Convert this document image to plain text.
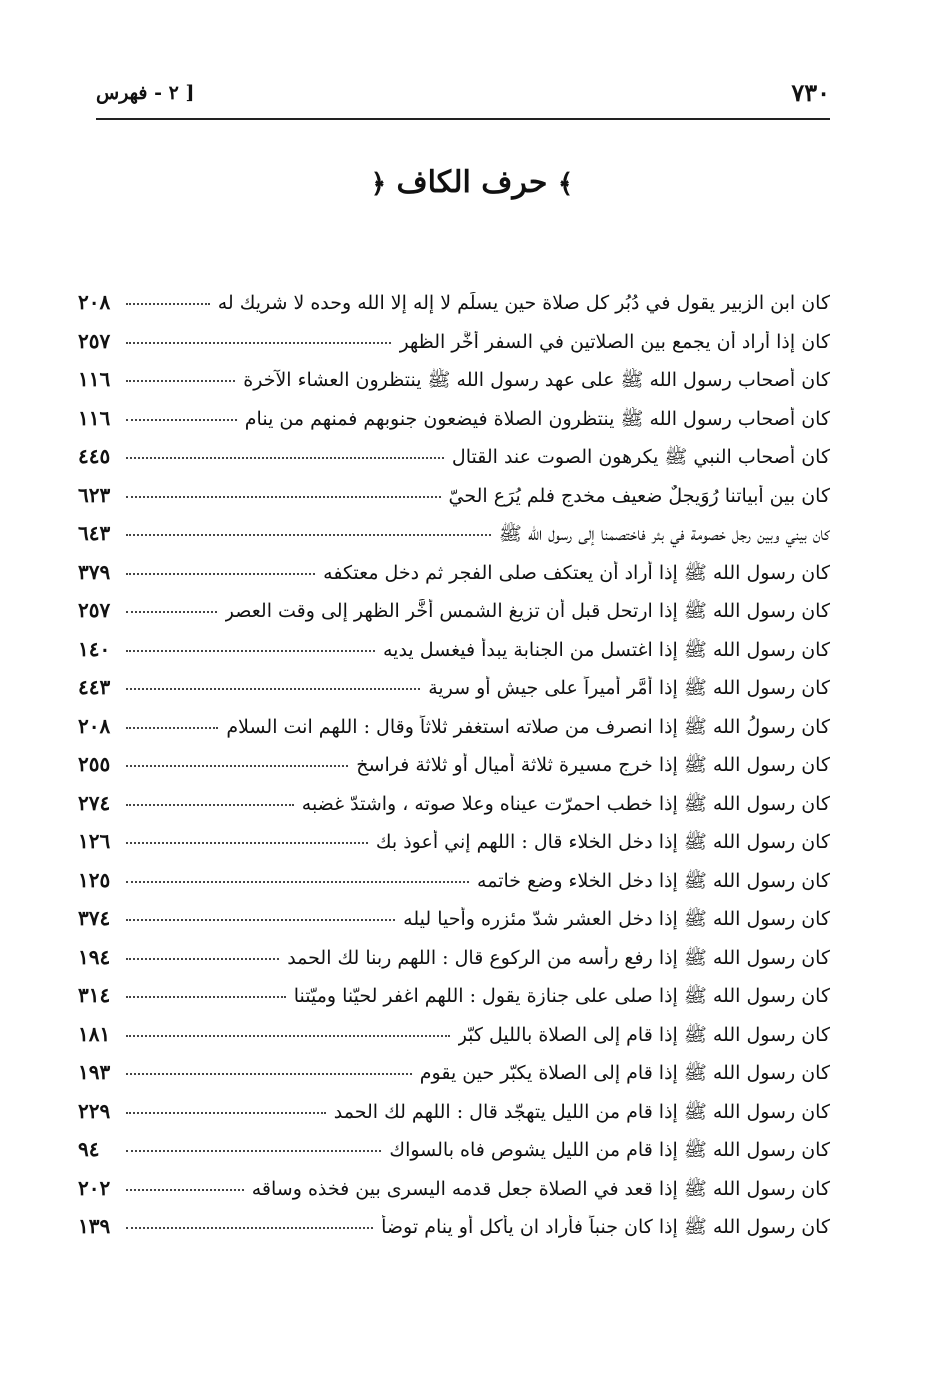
٧٣٠
[ ٢ - فهرس
﴾ حرف الكاف ﴿
كان ابن الزبير يقول في دُبُر كل صلاة حين يسلِّم لا إله إلا الله وحده لا شريك له
٢٠٨
كان إذا أراد أن يجمع بين الصلاتين في السفر أخَّر الظهر
٢٥٧
كان أصحاب رسول الله ﷺ على عهد رسول الله ﷺ ينتظرون العشاء الآخرة
١١٦
كان أصحاب رسول الله ﷺ ينتظرون الصلاة فيضعون جنوبهم فمنهم من ينام
١١٦
كان أصحاب النبي ﷺ يكرهون الصوت عند القتال
٤٤٥
كان بين أبياتنا رُوَيجلٌ ضعيف مخدج فلم يُرَع الحيّ
٦٢٣
كان بيني وبين رجل خصومة في بئر فاختصمنا إلى رسول الله ﷺ
٦٤٣
كان رسول الله ﷺ إذا أراد أن يعتكف صلى الفجر ثم دخل معتكفه
٣٧٩
كان رسول الله ﷺ إذا ارتحل قبل أن تزيغ الشمس أخَّر الظهر إلى وقت العصر
٢٥٧
كان رسول الله ﷺ إذا اغتسل من الجنابة يبدأ فيغسل يديه
١٤٠
كان رسول الله ﷺ إذا أمَّر أميراً على جيش أو سرية
٤٤٣
كان رسولُ الله ﷺ إذا انصرف من صلاته استغفر ثلاثاً وقال : اللهم انت السلام
٢٠٨
كان رسول الله ﷺ إذا خرج مسيرة ثلاثة أميال أو ثلاثة فراسخ
٢٥٥
كان رسول الله ﷺ إذا خطب احمرّت عيناه وعلا صوته ، واشتدّ غضبه
٢٧٤
كان رسول الله ﷺ إذا دخل الخلاء قال : اللهم إني أعوذ بك
١٢٦
كان رسول الله ﷺ إذا دخل الخلاء وضع خاتمه
١٢٥
كان رسول الله ﷺ إذا دخل العشر شدّ مئزره وأحيا ليله
٣٧٤
كان رسول الله ﷺ إذا رفع رأسه من الركوع قال : اللهم ربنا لك الحمد
١٩٤
كان رسول الله ﷺ إذا صلى على جنازة يقول : اللهم اغفر لحيّنا وميّتنا
٣١٤
كان رسول الله ﷺ إذا قام إلى الصلاة بالليل كبّر
١٨١
كان رسول الله ﷺ إذا قام إلى الصلاة يكبّر حين يقوم
١٩٣
كان رسول الله ﷺ إذا قام من الليل يتهجّد قال : اللهم لك الحمد
٢٢٩
كان رسول الله ﷺ إذا قام من الليل يشوص فاه بالسواك
٩٤
كان رسول الله ﷺ إذا قعد في الصلاة جعل قدمه اليسرى بين فخذه وساقه
٢٠٢
كان رسول الله ﷺ إذا كان جنباً فأراد ان يأكل أو ينام توضأ
١٣٩
